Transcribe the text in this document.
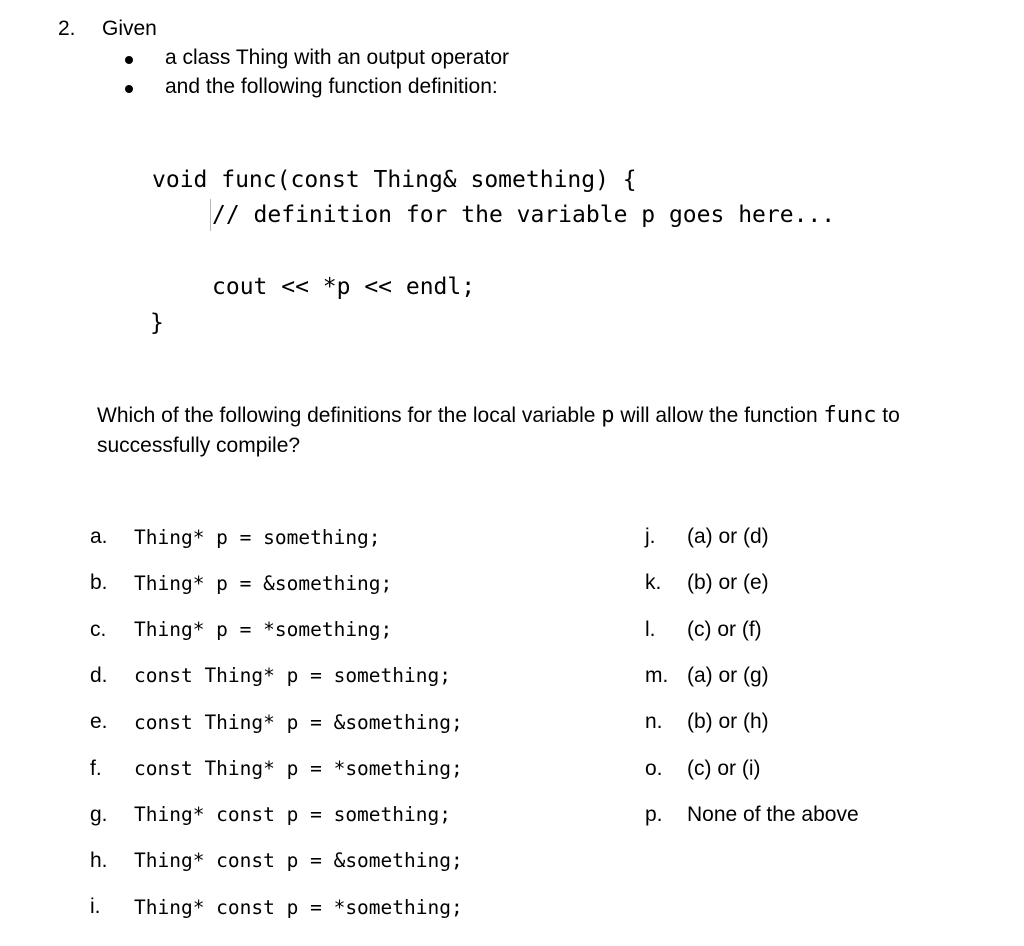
2. Given
a class Thing with an output operator
and the following function definition:
void func(const Thing& something) {
// definition for the variable p goes here...
cout << *p << endl;
}
Which of the following definitions for the local variable p will allow the function func to
successfully compile?
a. Thing* p = something;
b. Thing* p = &something;
c. Thing* p = *something;
d. const Thing* p = something;
e. const Thing* p = &something;
f. const Thing* p = *something;
g. Thing* const p = something;
h. Thing* const p = &something;
i. Thing* const p = *something;
j. (a) or (d)
k. (b) or (e)
l. (c) or (f)
m. (a) or (g)
n. (b) or (h)
o. (c) or (i)
p. None of the above
